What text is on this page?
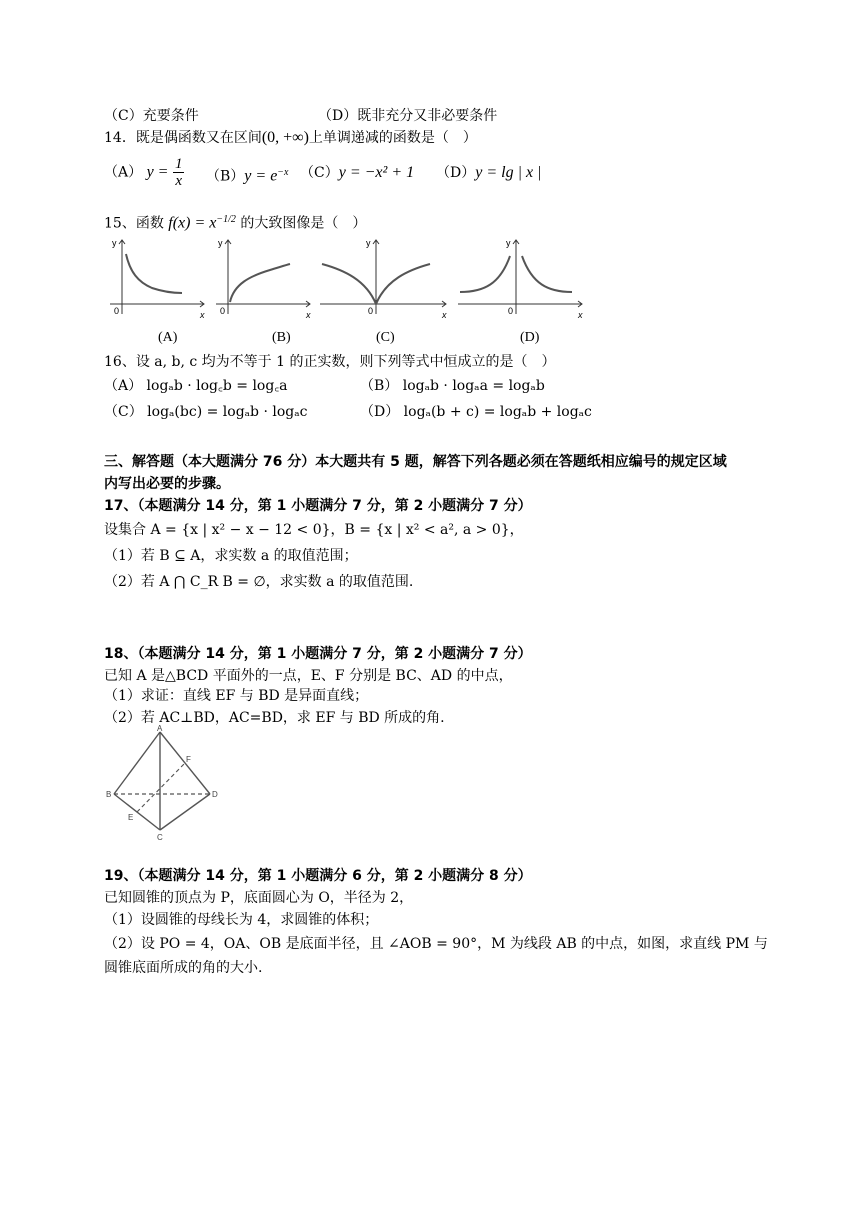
（C）充要条件	（D）既非充分又非必要条件
14．既是偶函数又在区间(0, +∞)上单调递减的函数是（　）
（A） $y = \frac{1}{x} (B)y = e^{-x}$ （C）y = −x² + 1 （D）y = lg | x |
15、函数 $f(x) = x^{-1/2}$ 的大致图像是（　）
y
0	x
y
0	x
y
0	x
y
0	x
(A)	(B)	(C)	(D)
16、设 a, b, c 均为不等于 1 的正实数，则下列等式中恒成立的是（　）
（A） logₐb · log꜀b = log꜀a	（B） logₐb · logₐa = logₐb
（C） logₐ(bc) = logₐb · logₐc	（D） logₐ(b + c) = logₐb + logₐc
三、解答题（本大题满分 76 分）本大题共有 5 题，解答下列各题必须在答题纸相应编号的规定区域
内写出必要的步骤。
17、（本题满分 14 分，第 1 小题满分 7 分，第 2 小题满分 7 分）
设集合 A = {x | x² − x − 12 < 0}，B = {x | x² < a², a > 0}，
（1）若 B ⊆ A，求实数 a 的取值范围；
（2）若 A ⋂ C_R B = ∅，求实数 a 的取值范围.
18、（本题满分 14 分，第 1 小题满分 7 分，第 2 小题满分 7 分）
已知 A 是△BCD 平面外的一点，E、F 分别是 BC、AD 的中点，
（1）求证：直线 EF 与 BD 是异面直线；
（2）若 AC⊥BD，AC=BD，求 EF 与 BD 所成的角.
A
B
C
D
E
F
19、（本题满分 14 分，第 1 小题满分 6 分，第 2 小题满分 8 分）
已知圆锥的顶点为 P，底面圆心为 O，半径为 2，
（1）设圆锥的母线长为 4，求圆锥的体积；
（2）设 PO = 4，OA、OB 是底面半径，且 ∠AOB = 90°，M 为线段 AB 的中点，如图，求直线 PM 与
圆锥底面所成的角的大小.
